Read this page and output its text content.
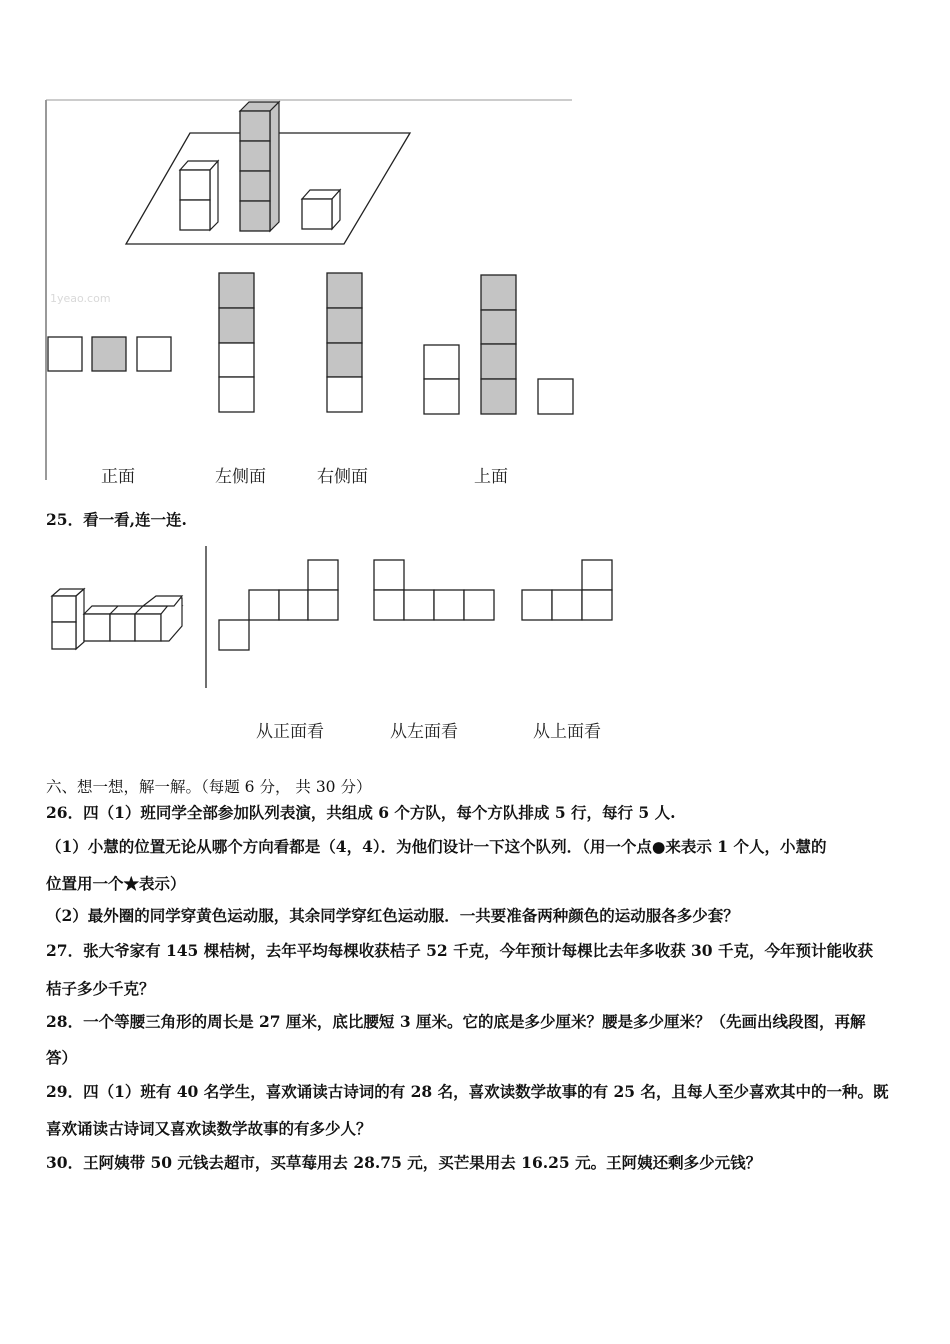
1yeao.com
正面	左侧面	右侧面	上面
25．看一看,连一连.
从正面看	从左面看	从上面看
六、想一想，解一解。（每题 6 分， 共 30 分）
26．四（1）班同学全部参加队列表演，共组成 6 个方队，每个方队排成 5 行，每行 5 人.
（1）小慧的位置无论从哪个方向看都是（4，4）．为他们设计一下这个队列．（用一个点●来表示 1 个人，小慧的
位置用一个★表示）
（2）最外圈的同学穿黄色运动服，其余同学穿红色运动服．一共要准备两种颜色的运动服各多少套？
27．张大爷家有 145 棵桔树，去年平均每棵收获桔子 52 千克，今年预计每棵比去年多收获 30 千克，今年预计能收获
桔子多少千克？
28．一个等腰三角形的周长是 27 厘米，底比腰短 3 厘米。它的底是多少厘米？腰是多少厘米？（先画出线段图，再解
答）
29．四（1）班有 40 名学生，喜欢诵读古诗词的有 28 名，喜欢读数学故事的有 25 名，且每人至少喜欢其中的一种。既
喜欢诵读古诗词又喜欢读数学故事的有多少人？
30．王阿姨带 50 元钱去超市，买草莓用去 28.75 元，买芒果用去 16.25 元。王阿姨还剩多少元钱？
